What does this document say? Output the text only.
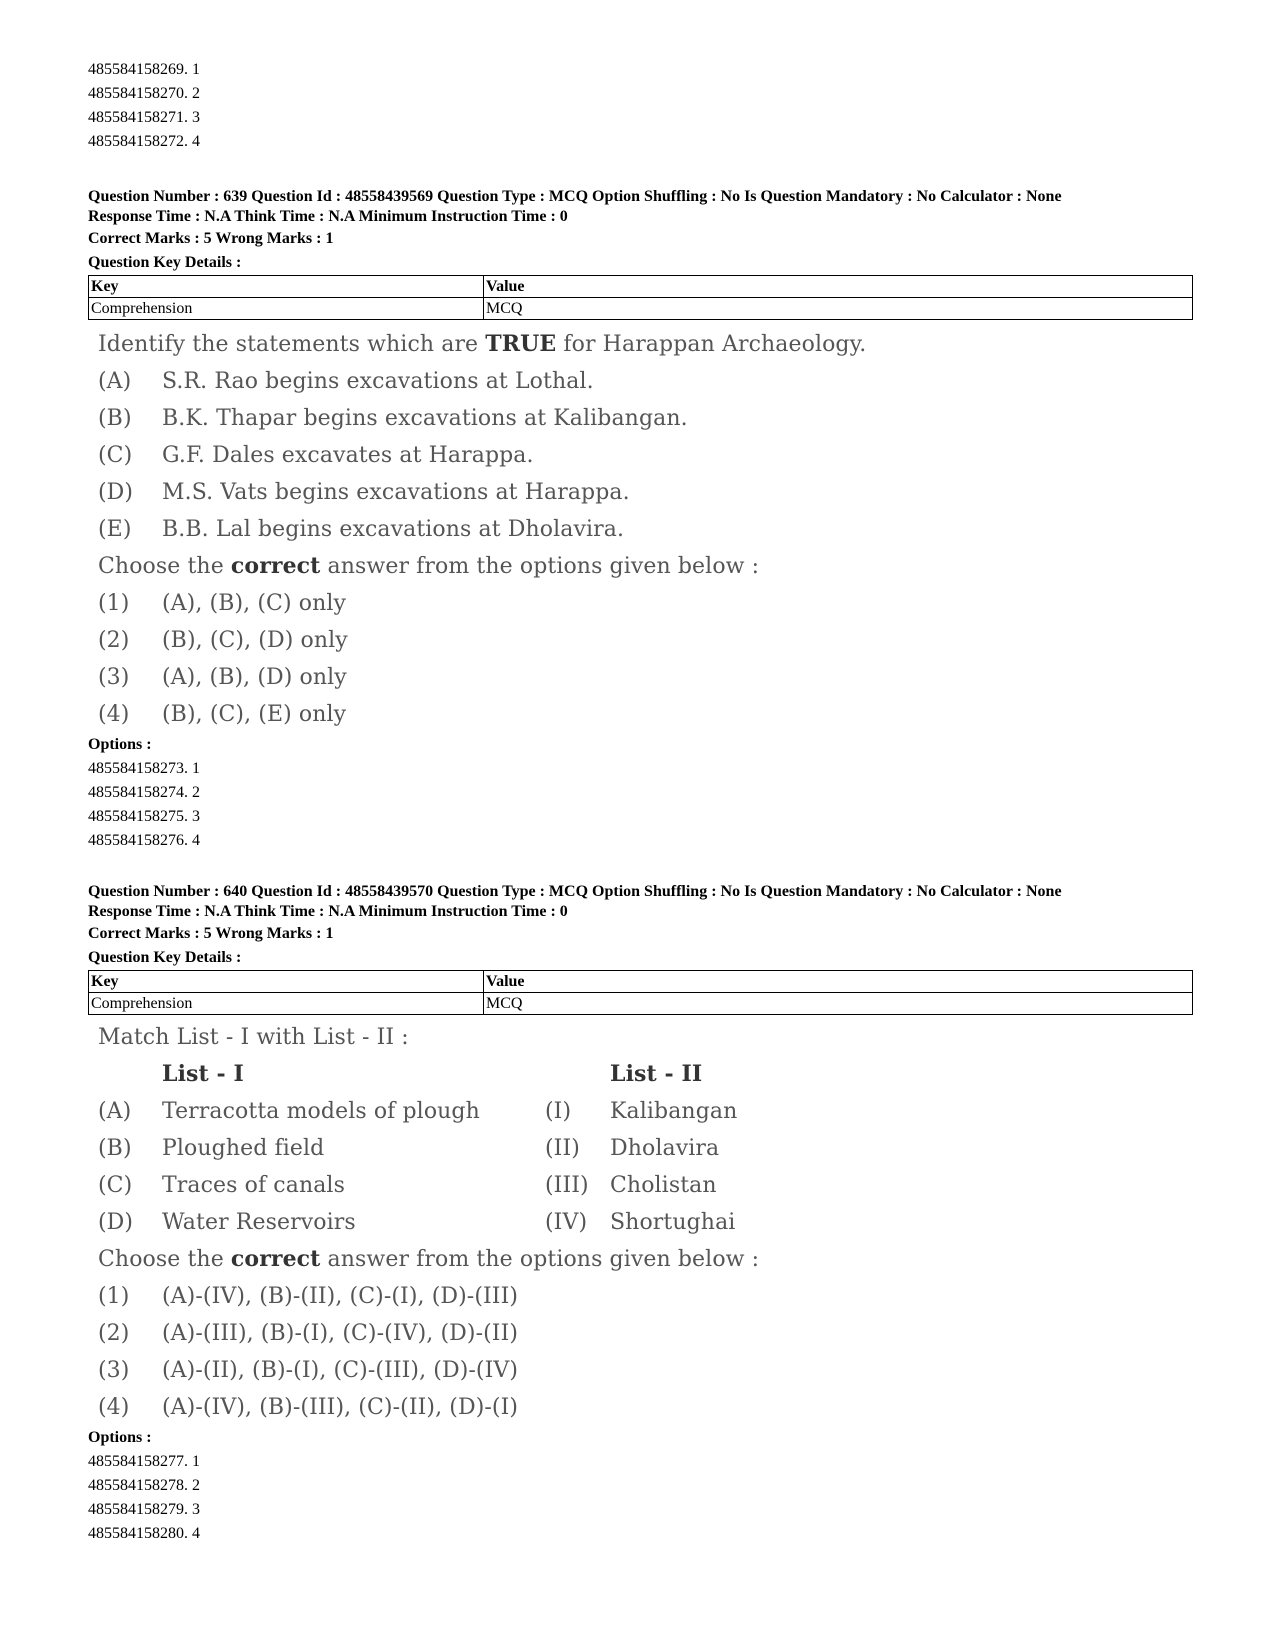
485584158269. 1
485584158270. 2
485584158271. 3
485584158272. 4
Question Number : 639 Question Id : 48558439569 Question Type : MCQ Option Shuffling : No Is Question Mandatory : No Calculator : None
Response Time : N.A Think Time : N.A Minimum Instruction Time : 0
Correct Marks : 5 Wrong Marks : 1
Question Key Details :
Key	Value
Comprehension	MCQ
Identify the statements which are TRUE for Harappan Archaeology.
(A) S.R. Rao begins excavations at Lothal.
(B) B.K. Thapar begins excavations at Kalibangan.
(C) G.F. Dales excavates at Harappa.
(D) M.S. Vats begins excavations at Harappa.
(E) B.B. Lal begins excavations at Dholavira.
Choose the correct answer from the options given below :
(1) (A), (B), (C) only
(2) (B), (C), (D) only
(3) (A), (B), (D) only
(4) (B), (C), (E) only
Options :
485584158273. 1
485584158274. 2
485584158275. 3
485584158276. 4
Question Number : 640 Question Id : 48558439570 Question Type : MCQ Option Shuffling : No Is Question Mandatory : No Calculator : None
Response Time : N.A Think Time : N.A Minimum Instruction Time : 0
Correct Marks : 5 Wrong Marks : 1
Question Key Details :
Key	Value
Comprehension	MCQ
Match List - I with List - II :
List - I	List - II
(A) Terracotta models of plough	(I) Kalibangan
(B) Ploughed field	(II) Dholavira
(C) Traces of canals	(III) Cholistan
(D) Water Reservoirs	(IV) Shortughai
Choose the correct answer from the options given below :
(1) (A)-(IV), (B)-(II), (C)-(I), (D)-(III)
(2) (A)-(III), (B)-(I), (C)-(IV), (D)-(II)
(3) (A)-(II), (B)-(I), (C)-(III), (D)-(IV)
(4) (A)-(IV), (B)-(III), (C)-(II), (D)-(I)
Options :
485584158277. 1
485584158278. 2
485584158279. 3
485584158280. 4
